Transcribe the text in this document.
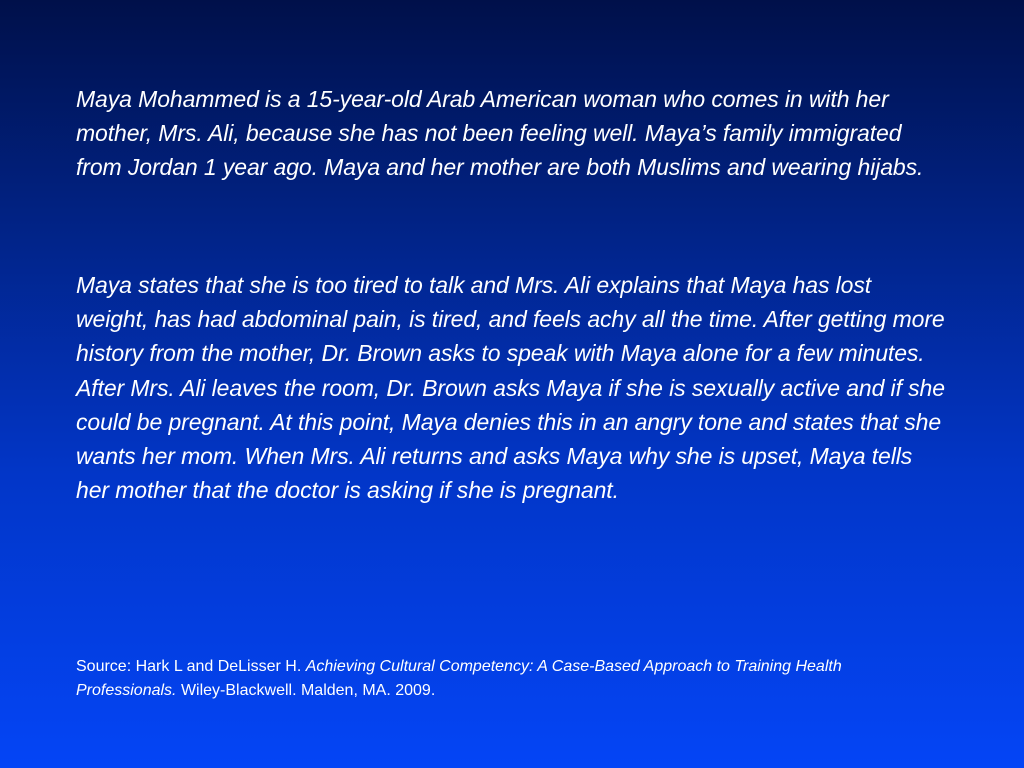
Maya Mohammed is a 15-year-old Arab American woman who comes in with her mother, Mrs. Ali, because she has not been feeling well. Maya’s family immigrated from Jordan 1 year ago. Maya and her mother are both Muslims and wearing hijabs.

Maya states that she is too tired to talk and Mrs. Ali explains that Maya has lost weight, has had abdominal pain, is tired, and feels achy all the time. After getting more history from the mother, Dr. Brown asks to speak with Maya alone for a few minutes. After Mrs. Ali leaves the room, Dr. Brown asks Maya if she is sexually active and if she could be pregnant. At this point, Maya denies this in an angry tone and states that she wants her mom. When Mrs. Ali returns and asks Maya why she is upset, Maya tells her mother that the doctor is asking if she is pregnant.

Source: Hark L and DeLisser H. Achieving Cultural Competency: A Case-Based Approach to Training Health Professionals. Wiley-Blackwell. Malden, MA. 2009.
